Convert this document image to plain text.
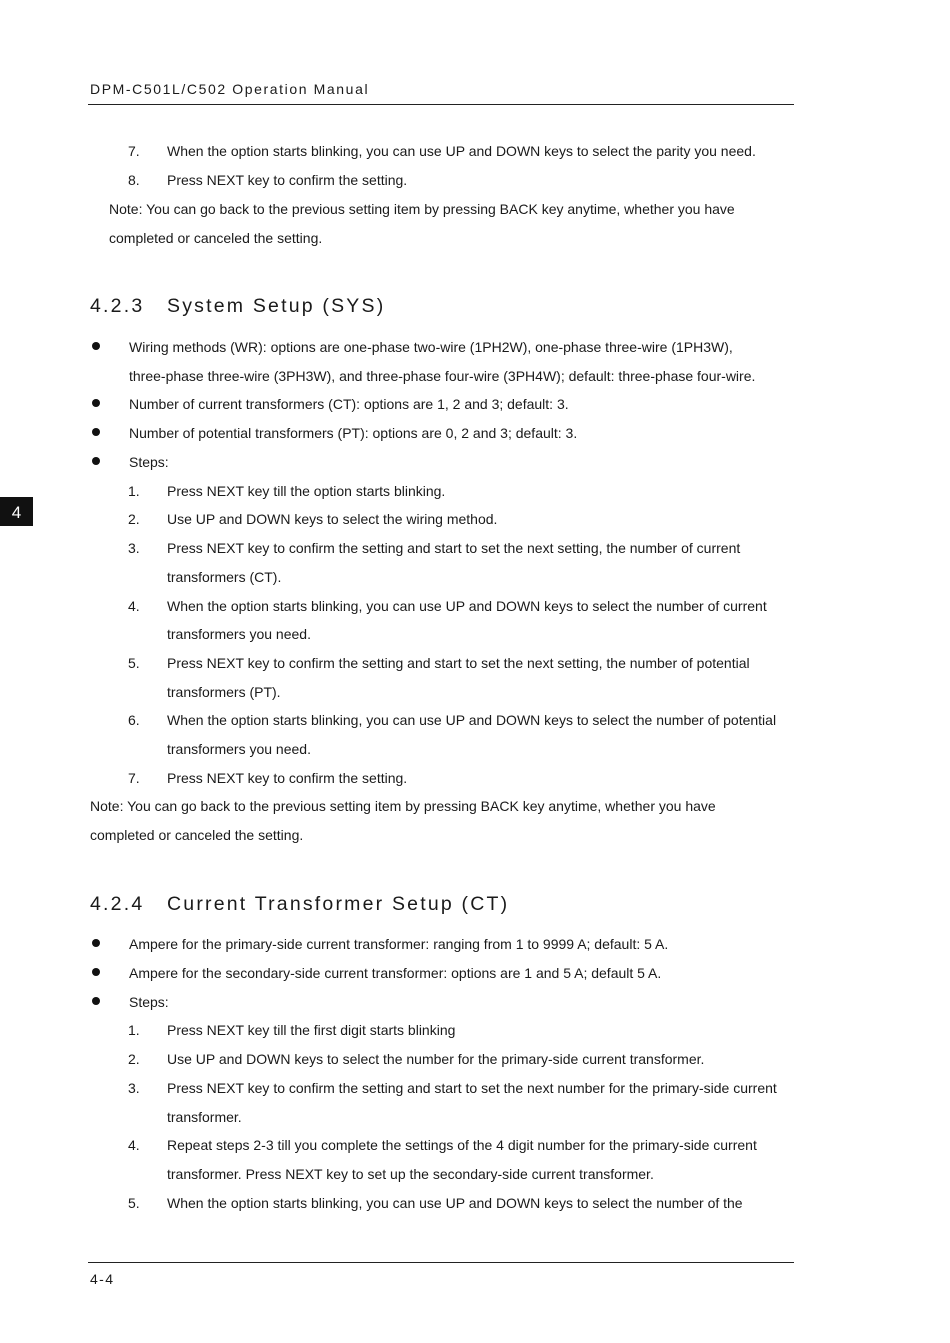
DPM-C501L/C502 Operation Manual
4
7. When the option starts blinking, you can use UP and DOWN keys to select the parity you need.
8. Press NEXT key to confirm the setting.
Note: You can go back to the previous setting item by pressing BACK key anytime, whether you have
completed or canceled the setting.
4.2.3 System Setup (SYS)
Wiring methods (WR): options are one-phase two-wire (1PH2W), one-phase three-wire (1PH3W),
three-phase three-wire (3PH3W), and three-phase four-wire (3PH4W); default: three-phase four-wire.
Number of current transformers (CT): options are 1, 2 and 3; default: 3.
Number of potential transformers (PT): options are 0, 2 and 3; default: 3.
Steps:
1. Press NEXT key till the option starts blinking.
2. Use UP and DOWN keys to select the wiring method.
3. Press NEXT key to confirm the setting and start to set the next setting, the number of current
transformers (CT).
4. When the option starts blinking, you can use UP and DOWN keys to select the number of current
transformers you need.
5. Press NEXT key to confirm the setting and start to set the next setting, the number of potential
transformers (PT).
6. When the option starts blinking, you can use UP and DOWN keys to select the number of potential
transformers you need.
7. Press NEXT key to confirm the setting.
Note: You can go back to the previous setting item by pressing BACK key anytime, whether you have
completed or canceled the setting.
4.2.4 Current Transformer Setup (CT)
Ampere for the primary-side current transformer: ranging from 1 to 9999 A; default: 5 A.
Ampere for the secondary-side current transformer: options are 1 and 5 A; default 5 A.
Steps:
1. Press NEXT key till the first digit starts blinking
2. Use UP and DOWN keys to select the number for the primary-side current transformer.
3. Press NEXT key to confirm the setting and start to set the next number for the primary-side current
transformer.
4. Repeat steps 2-3 till you complete the settings of the 4 digit number for the primary-side current
transformer. Press NEXT key to set up the secondary-side current transformer.
5. When the option starts blinking, you can use UP and DOWN keys to select the number of the
4-4
